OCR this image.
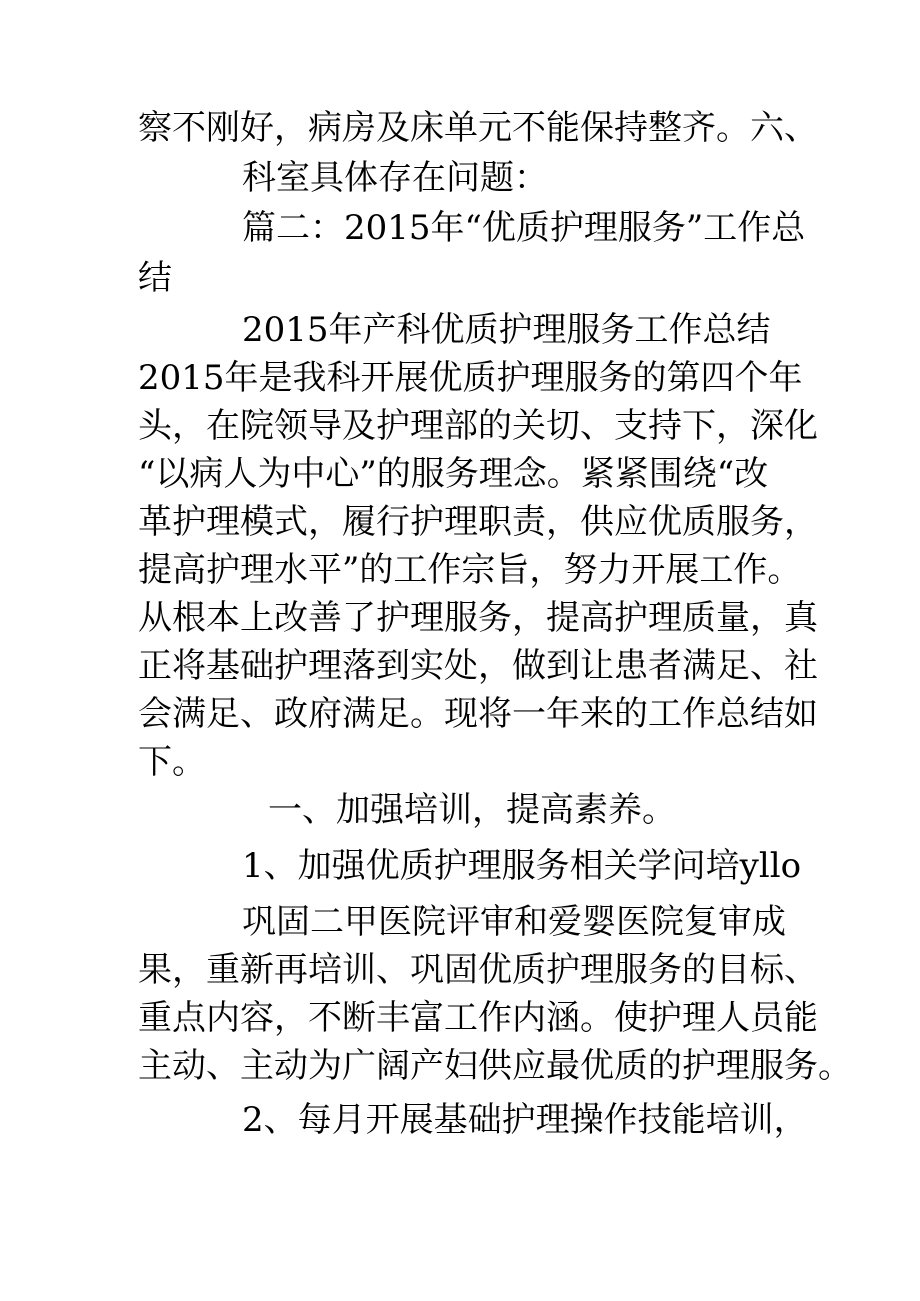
察不刚好，病房及床单元不能保持整齐。六、
科室具体存在问题：
篇二：2015年“优质护理服务”工作总
结
2015年产科优质护理服务工作总结
2015年是我科开展优质护理服务的第四个年
头，在院领导及护理部的关切、支持下，深化
“以病人为中心”的服务理念。紧紧围绕“改
革护理模式，履行护理职责，供应优质服务，
提高护理水平”的工作宗旨，努力开展工作。
从根本上改善了护理服务，提高护理质量，真
正将基础护理落到实处，做到让患者满足、社
会满足、政府满足。现将一年来的工作总结如
下。
一、加强培训，提高素养。
1、加强优质护理服务相关学问培yllo
巩固二甲医院评审和爱婴医院复审成
果，重新再培训、巩固优质护理服务的目标、
重点内容，不断丰富工作内涵。使护理人员能
主动、主动为广阔产妇供应最优质的护理服务。
2、每月开展基础护理操作技能培训，
